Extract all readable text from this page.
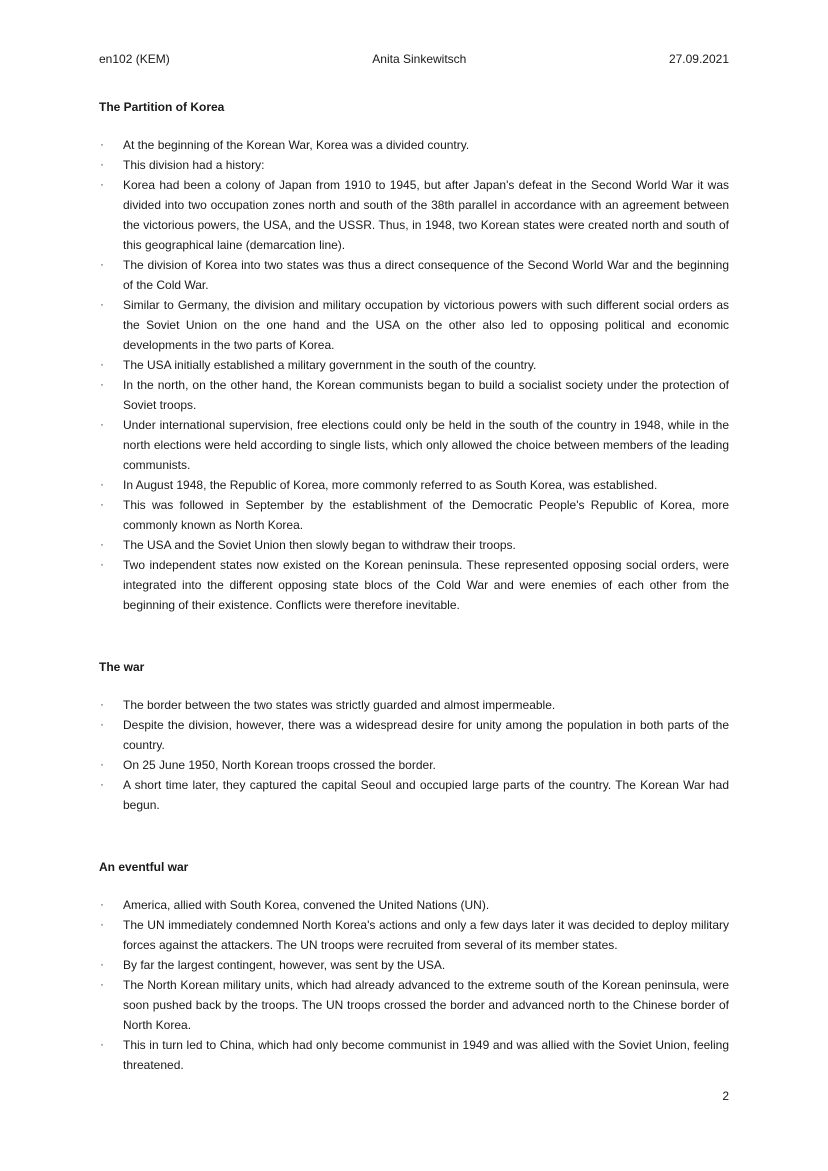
en102 (KEM)	Anita Sinkewitsch	27.09.2021
The Partition of Korea
· At the beginning of the Korean War, Korea was a divided country.
· This division had a history:
· Korea had been a colony of Japan from 1910 to 1945, but after Japan's defeat in the Second World War it was divided into two occupation zones north and south of the 38th parallel in accordance with an agreement between the victorious powers, the USA, and the USSR. Thus, in 1948, two Korean states were created north and south of this geographical laine (demarcation line).
· The division of Korea into two states was thus a direct consequence of the Second World War and the beginning of the Cold War.
· Similar to Germany, the division and military occupation by victorious powers with such different social orders as the Soviet Union on the one hand and the USA on the other also led to opposing political and economic developments in the two parts of Korea.
· The USA initially established a military government in the south of the country.
· In the north, on the other hand, the Korean communists began to build a socialist society under the protection of Soviet troops.
· Under international supervision, free elections could only be held in the south of the country in 1948, while in the north elections were held according to single lists, which only allowed the choice between members of the leading communists.
· In August 1948, the Republic of Korea, more commonly referred to as South Korea, was established.
· This was followed in September by the establishment of the Democratic People's Republic of Korea, more commonly known as North Korea.
· The USA and the Soviet Union then slowly began to withdraw their troops.
· Two independent states now existed on the Korean peninsula. These represented opposing social orders, were integrated into the different opposing state blocs of the Cold War and were enemies of each other from the beginning of their existence. Conflicts were therefore inevitable.
The war
· The border between the two states was strictly guarded and almost impermeable.
· Despite the division, however, there was a widespread desire for unity among the population in both parts of the country.
· On 25 June 1950, North Korean troops crossed the border.
· A short time later, they captured the capital Seoul and occupied large parts of the country. The Korean War had begun.
An eventful war
· America, allied with South Korea, convened the United Nations (UN).
· The UN immediately condemned North Korea's actions and only a few days later it was decided to deploy military forces against the attackers. The UN troops were recruited from several of its member states.
· By far the largest contingent, however, was sent by the USA.
· The North Korean military units, which had already advanced to the extreme south of the Korean peninsula, were soon pushed back by the troops. The UN troops crossed the border and advanced north to the Chinese border of North Korea.
· This in turn led to China, which had only become communist in 1949 and was allied with the Soviet Union, feeling threatened.
2
